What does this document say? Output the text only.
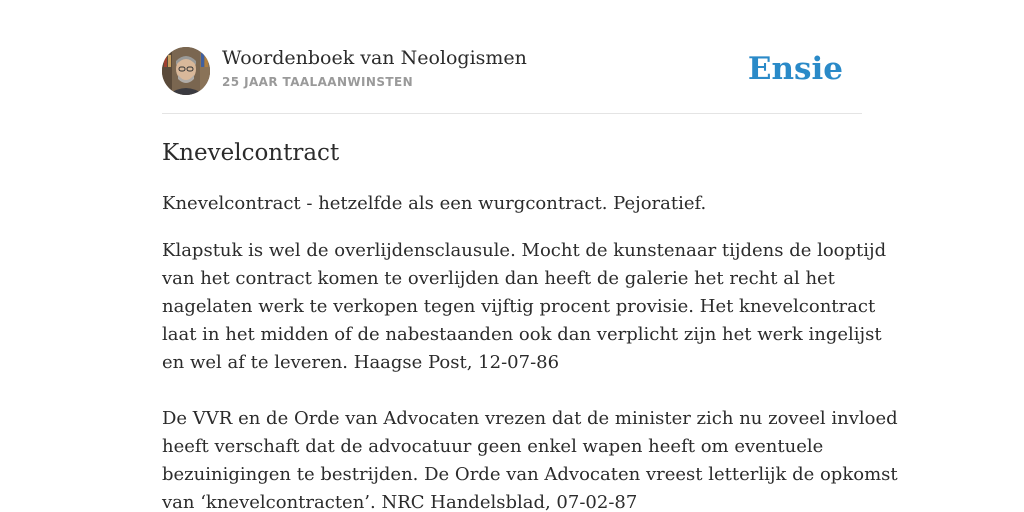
Woordenboek van Neologismen
25 JAAR TAALAANWINSTEN	Ensie
Knevelcontract
Knevelcontract - hetzelfde als een wurgcontract. Pejoratief.

Klapstuk is wel de overlijdensclausule. Mocht de kunstenaar tijdens de looptijd
van het contract komen te overlijden dan heeft de galerie het recht al het
nagelaten werk te verkopen tegen vijftig procent provisie. Het knevelcontract
laat in het midden of de nabestaanden ook dan verplicht zijn het werk ingelijst
en wel af te leveren. Haagse Post, 12-07-86

De VVR en de Orde van Advocaten vrezen dat de minister zich nu zoveel invloed
heeft verschaft dat de advocatuur geen enkel wapen heeft om eventuele
bezuinigingen te bestrijden. De Orde van Advocaten vreest letterlijk de opkomst
van ‘knevelcontracten’. NRC Handelsblad, 07-02-87
